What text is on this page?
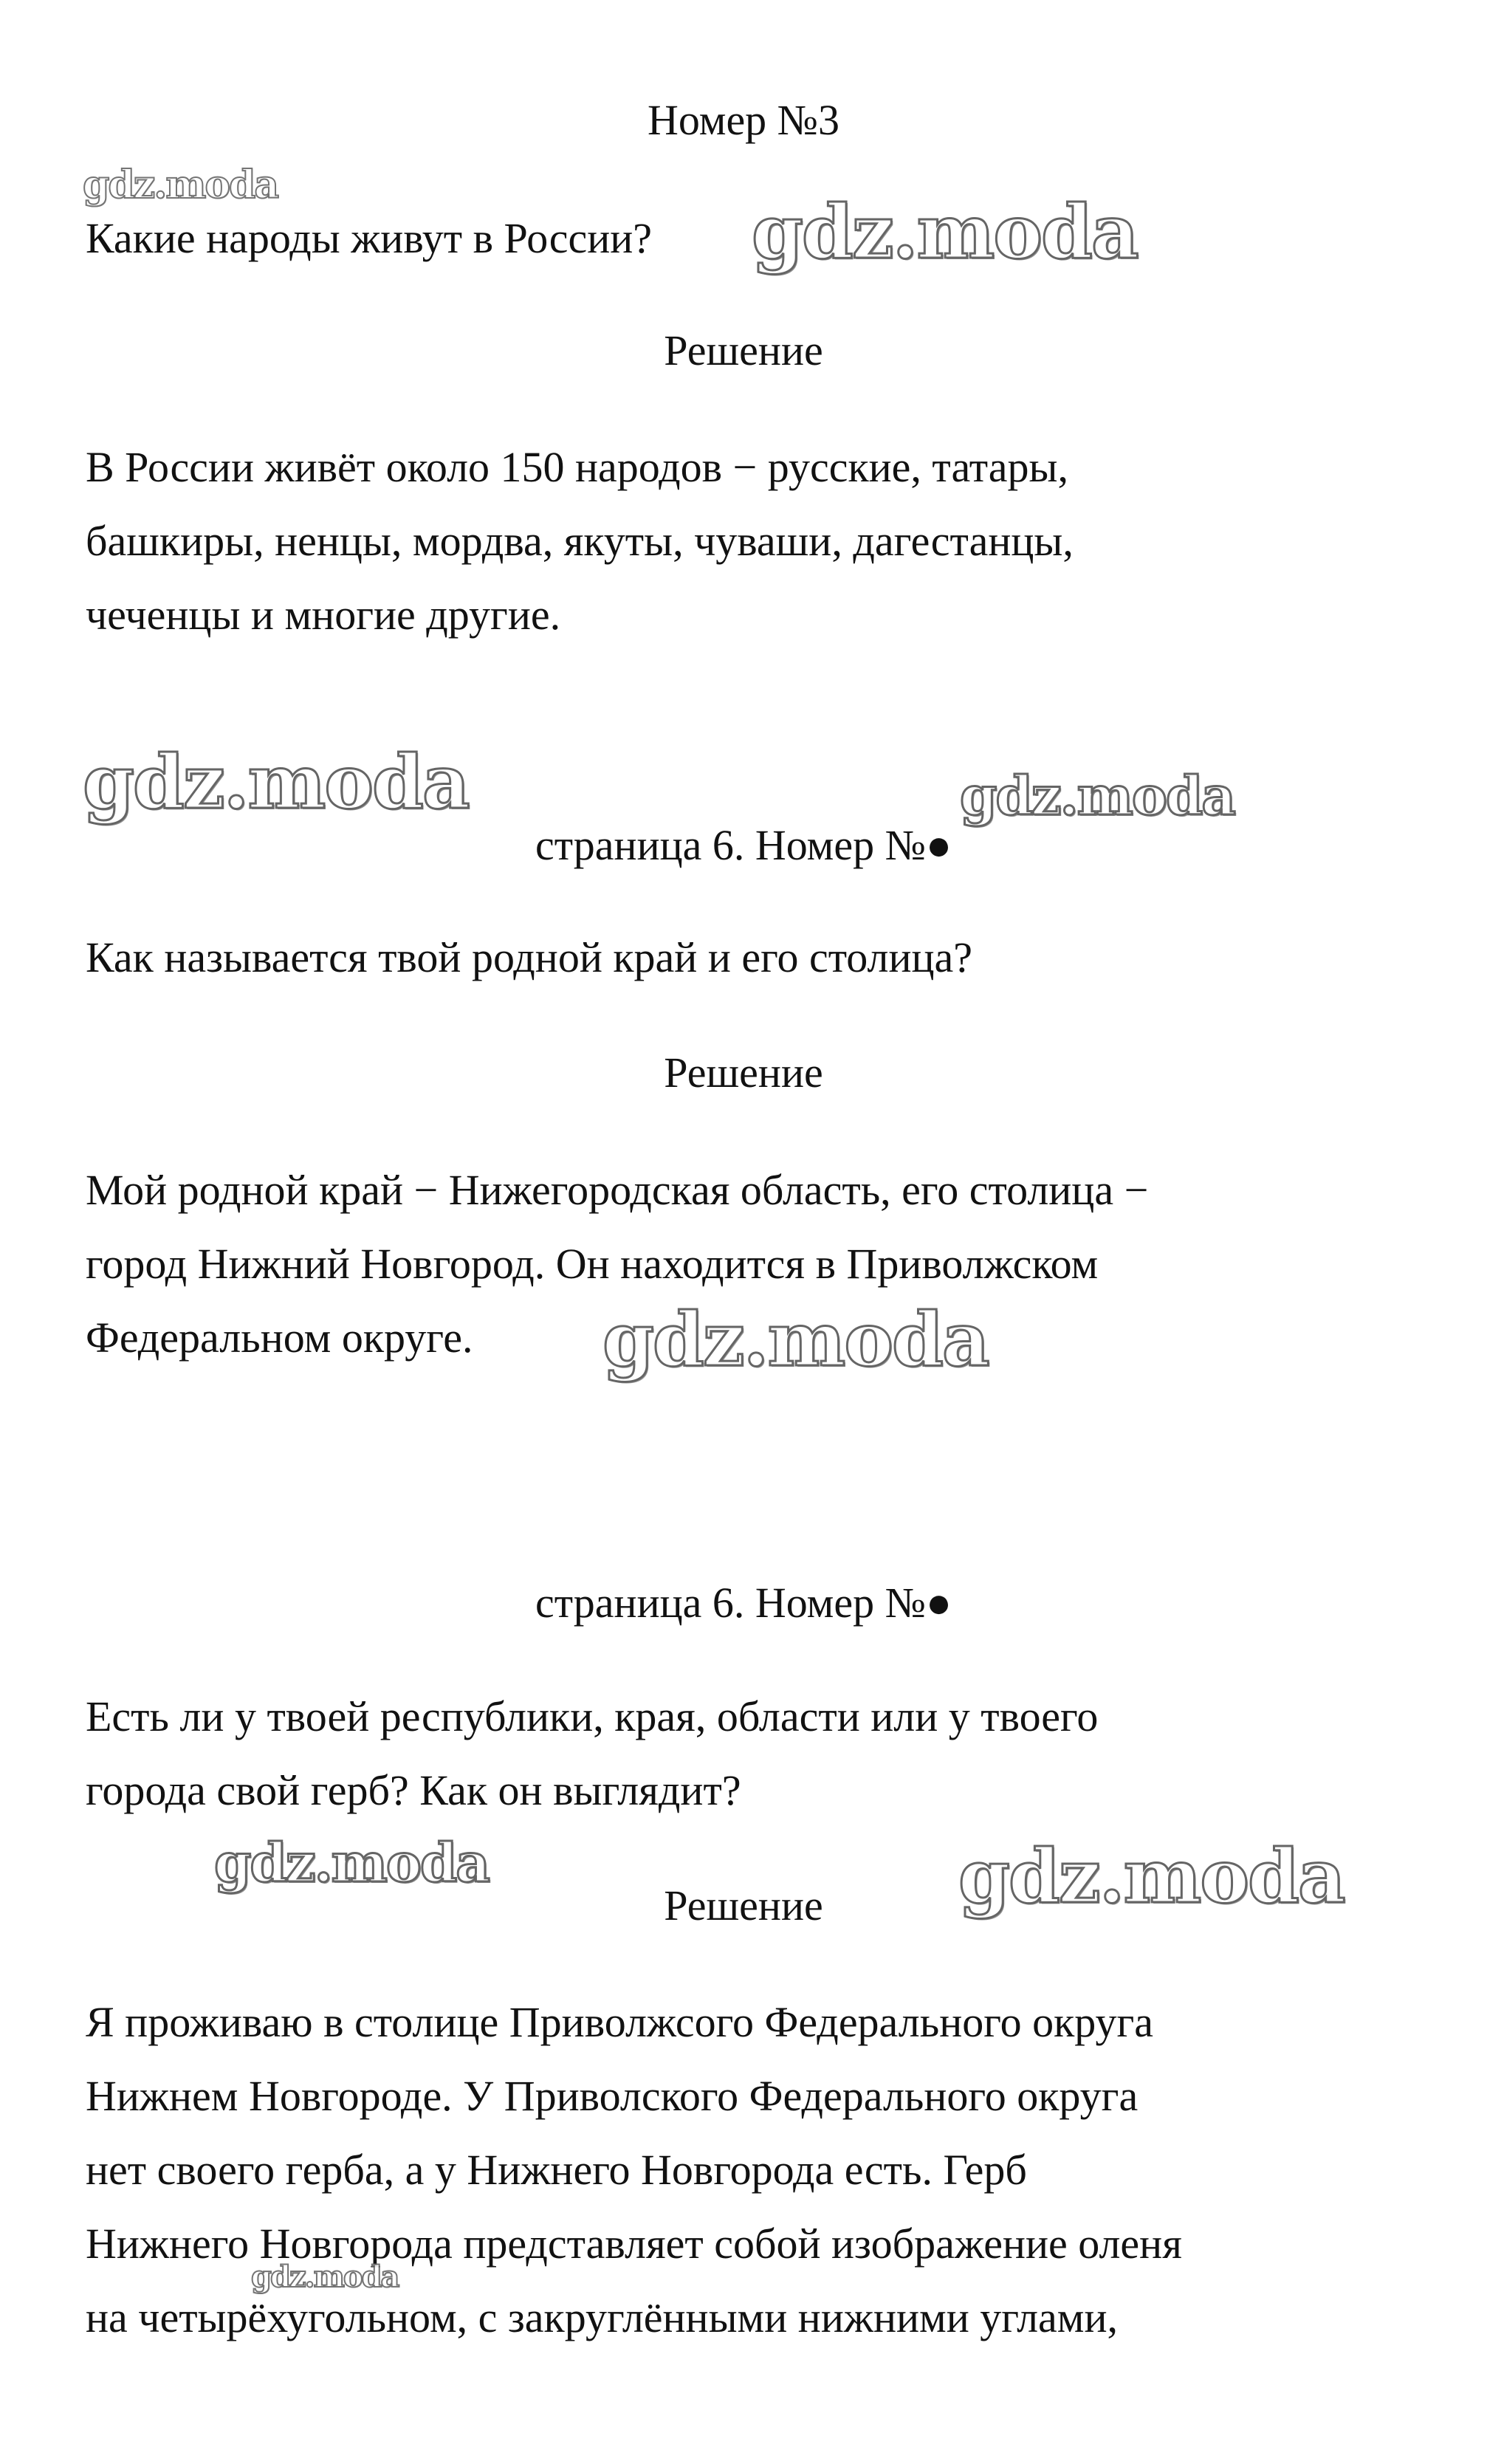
Номер №3
Какие народы живут в России?
Решение
В России живёт около 150 народов − русские, татары,
башкиры, ненцы, мордва, якуты, чуваши, дагестанцы,
чеченцы и многие другие.
страница 6. Номер №●
Как называется твой родной край и его столица?
Решение
Мой родной край − Нижегородская область, его столица −
город Нижний Новгород. Он находится в Приволжском
Федеральном округе.
страница 6. Номер №●
Есть ли у твоей республики, края, области или у твоего
города свой герб? Как он выглядит?
Решение
Я проживаю в столице Приволжсого Федерального округа
Нижнем Новгороде. У Приволского Федерального округа
нет своего герба, а у Нижнего Новгорода есть. Герб
Нижнего Новгорода представляет собой изображение оленя
на четырёхугольном, с закруглёнными нижними углами,
gdz.moda
gdz.moda
gdz.moda	gdz.moda
gdz.moda
gdz.moda	gdz.moda
gdz.moda
